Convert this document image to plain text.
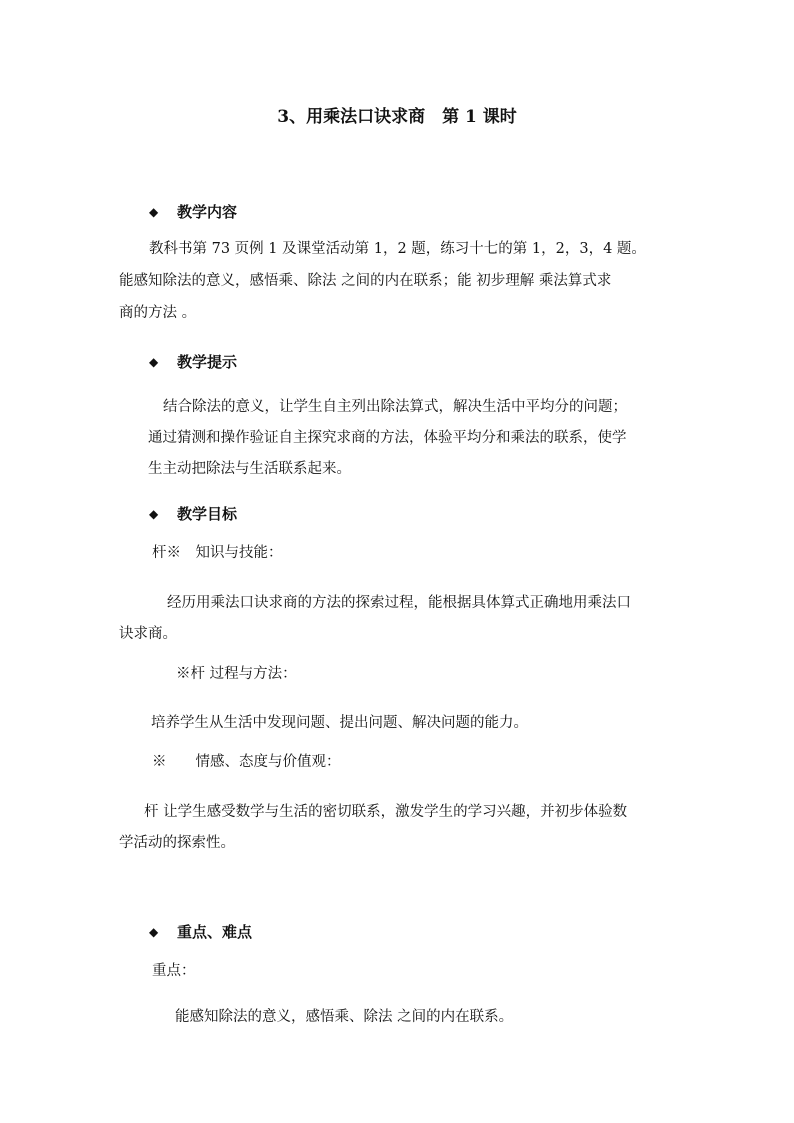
3、用乘法口诀求商　第 1 课时
◆ 教学内容
教科书第 73 页例 1 及课堂活动第 1，2 题，练习十七的第 1，2，3，4 题。
能感知除法的意义，感悟乘、除法 之间的内在联系；能 初步理解 乘法算式求
商的方法 。
◆ 教学提示
结合除法的意义，让学生自主列出除法算式，解决生活中平均分的问题；
通过猜测和操作验证自主探究求商的方法，体验平均分和乘法的联系，使学
生主动把除法与生活联系起来。
◆ 教学目标
杆※　知识与技能：
经历用乘法口诀求商的方法的探索过程，能根据具体算式正确地用乘法口
诀求商。
※杆 过程与方法：
培养学生从生活中发现问题、提出问题、解决问题的能力。
※　　情感、态度与价值观：
杆 让学生感受数学与生活的密切联系，激发学生的学习兴趣，并初步体验数
学活动的探索性。
◆ 重点、难点
重点：
能感知除法的意义，感悟乘、除法 之间的内在联系。
